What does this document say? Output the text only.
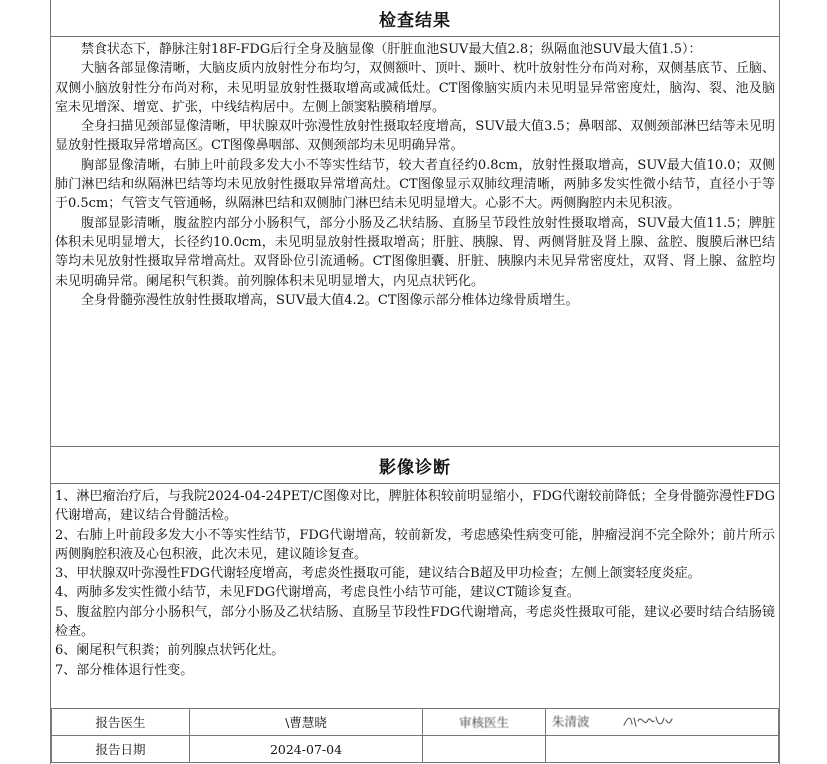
检查结果

禁食状态下，静脉注射18F-FDG后行全身及脑显像（肝脏血池SUV最大值2.8；纵隔血池SUV最大值1.5）：

大脑各部显像清晰，大脑皮质内放射性分布均匀，双侧额叶、顶叶、颞叶、枕叶放射性分布尚对称，双侧基底节、丘脑、双侧小脑放射性分布尚对称，未见明显放射性摄取增高或减低灶。CT图像脑实质内未见明显异常密度灶，脑沟、裂、池及脑室未见增深、增宽、扩张，中线结构居中。左侧上颌窦粘膜稍增厚。

全身扫描见颈部显像清晰，甲状腺双叶弥漫性放射性摄取轻度增高，SUV最大值3.5；鼻咽部、双侧颈部淋巴结等未见明显放射性摄取异常增高区。CT图像鼻咽部、双侧颈部均未见明确异常。

胸部显像清晰，右肺上叶前段多发大小不等实性结节，较大者直径约0.8cm，放射性摄取增高，SUV最大值10.0；双侧肺门淋巴结和纵隔淋巴结等均未见放射性摄取异常增高灶。CT图像显示双肺纹理清晰，两肺多发实性微小结节，直径小于等于0.5cm；气管支气管通畅，纵隔淋巴结和双侧肺门淋巴结未见明显增大。心影不大。两侧胸腔内未见积液。

腹部显影清晰，腹盆腔内部分小肠积气，部分小肠及乙状结肠、直肠呈节段性放射性摄取增高，SUV最大值11.5；脾脏体积未见明显增大，长径约10.0cm，未见明显放射性摄取增高；肝脏、胰腺、胃、两侧肾脏及肾上腺、盆腔、腹膜后淋巴结等均未见放射性摄取异常增高灶。双肾卧位引流通畅。CT图像胆囊、肝脏、胰腺内未见异常密度灶，双肾、肾上腺、盆腔均未见明确异常。阑尾积气积粪。前列腺体积未见明显增大，内见点状钙化。

全身骨髓弥漫性放射性摄取增高，SUV最大值4.2。CT图像示部分椎体边缘骨质增生。

影像诊断

1、淋巴瘤治疗后，与我院2024-04-24PET/C图像对比，脾脏体积较前明显缩小，FDG代谢较前降低；全身骨髓弥漫性FDG代谢增高，建议结合骨髓活检。

2、右肺上叶前段多发大小不等实性结节，FDG代谢增高，较前新发，考虑感染性病变可能，肿瘤浸润不完全除外；前片所示两侧胸腔积液及心包积液，此次未见，建议随诊复查。

3、甲状腺双叶弥漫性FDG代谢轻度增高，考虑炎性摄取可能，建议结合B超及甲功检查；左侧上颌窦轻度炎症。

4、两肺多发实性微小结节，未见FDG代谢增高，考虑良性小结节可能，建议CT随诊复查。

5、腹盆腔内部分小肠积气，部分小肠及乙状结肠、直肠呈节段性FDG代谢增高，考虑炎性摄取可能，建议必要时结合结肠镜检查。

6、阑尾积气积粪；前列腺点状钙化灶。

7、部分椎体退行性变。

报告医生	\曹慧晓	审核医生	朱清波
报告日期	2024-07-04		
